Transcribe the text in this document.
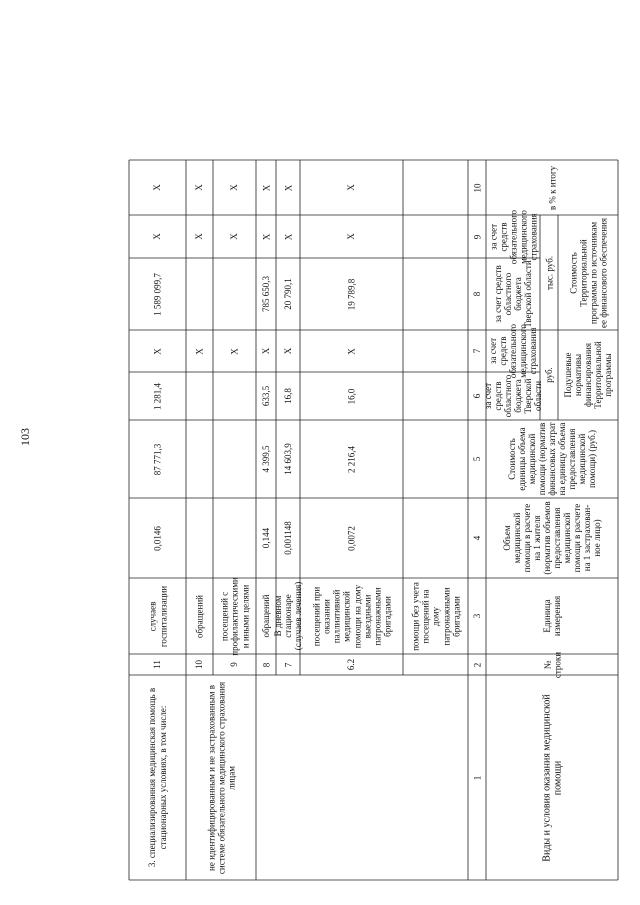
103
Виды и условия оказания медицинской помощи
№ строки
Единица измерения
Объем медицинской помощи в расчете на 1 жителя (норматив объемов предоставления медицинской помощи в расчете на 1 застрахован-ное лицо)
Стоимость единицы объема медицинской помощи (норматив финансовых затрат на единицу объема предоставления медицинской помощи) (руб.)
Подушевые нормативы финансирования Территориальной программы
руб.
за счет средств областного бюджета Тверской области
за счет средств обязательного медицинского страхования
Стоимость Территориальной программы по источникам ее финансового обеспечения
тыс. руб.
за счет средств областного бюджета Тверской области
за счет средств обязательного медицинского страхования
в % к итогу
1
2
3
4
5
6
7
8
9
10
помощи без учета посещений на дому патронажными бригадами
6.2
посещений при оказании паллиативной медицинской помощи на дому выездными патронажными бригадами
0,0072
2 216,4
16,0
Х
19 789,8
Х
Х
7
В дневном стационаре (случаев лечения)
0,001148
14 603,9
16,8
Х
20 790,1
Х
Х
8
обращений
0,144
4 399,5
633,5
Х
785 650,3
Х
Х
9
посещений с профилактическими и иными целями
Х
Х
Х
10
обращений
Х
Х
Х
3. специализированная медицинская помощь в стационарных условиях, в том числе:
11
случаев госпитализации
0,0146
87 771,3
1 281,4
Х
1 589 099,7
Х
Х
не идентифицированным и не застрахованным в системе обязательного медицинского страхования лицам
